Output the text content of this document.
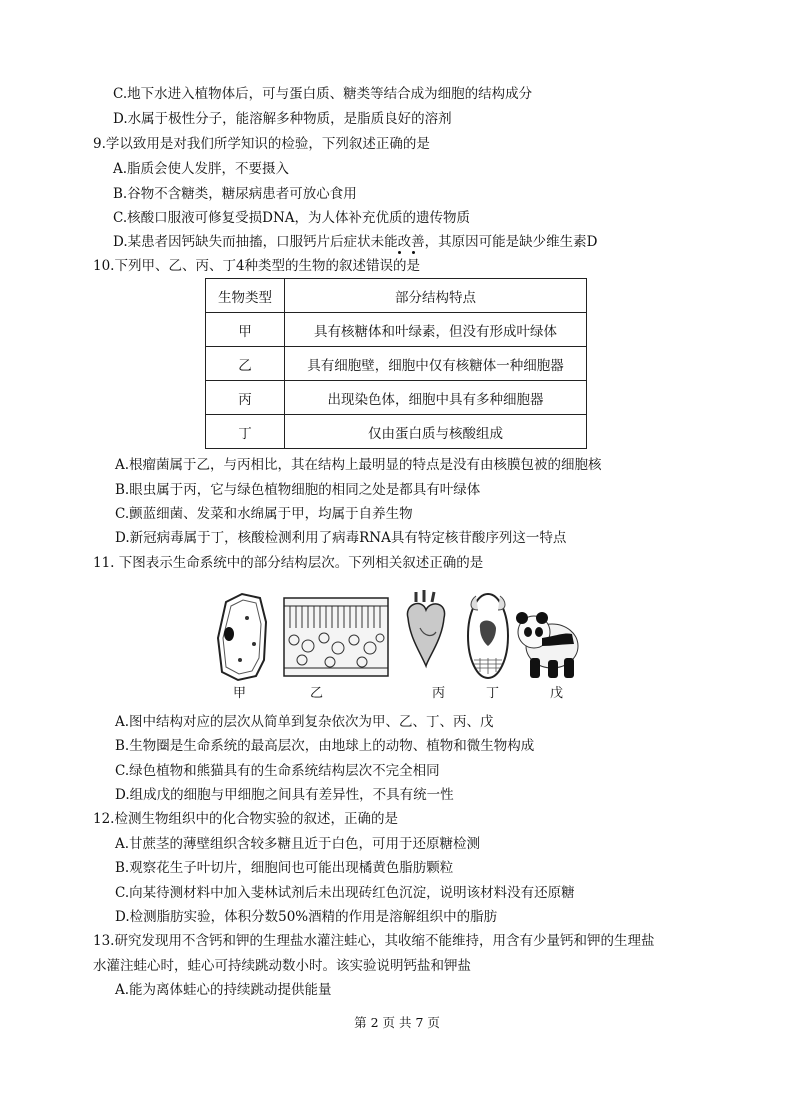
C.地下水进入植物体后，可与蛋白质、糖类等结合成为细胞的结构成分
D.水属于极性分子，能溶解多种物质，是脂质良好的溶剂
9.学以致用是对我们所学知识的检验，下列叙述正确的是
A.脂质会使人发胖，不要摄入
B.谷物不含糖类，糖尿病患者可放心食用
C.核酸口服液可修复受损DNA，为人体补充优质的遗传物质
D.某患者因钙缺失而抽搐，口服钙片后症状未能改善，其原因可能是缺少维生素D
10.下列甲、乙、丙、丁4种类型的生物的叙述错误的是
生物类型	部分结构特点
甲	具有核糖体和叶绿素，但没有形成叶绿体
乙	具有细胞壁，细胞中仅有核糖体一种细胞器
丙	出现染色体，细胞中具有多种细胞器
丁	仅由蛋白质与核酸组成
A.根瘤菌属于乙，与丙相比，其在结构上最明显的特点是没有由核膜包被的细胞核
B.眼虫属于丙，它与绿色植物细胞的相同之处是都具有叶绿体
C.颤蓝细菌、发菜和水绵属于甲，均属于自养生物
D.新冠病毒属于丁，核酸检测利用了病毒RNA具有特定核苷酸序列这一特点
11. 下图表示生命系统中的部分结构层次。下列相关叙述正确的是
甲	乙	丙	丁	戊
A.图中结构对应的层次从简单到复杂依次为甲、乙、丁、丙、戊
B.生物圈是生命系统的最高层次，由地球上的动物、植物和微生物构成
C.绿色植物和熊猫具有的生命系统结构层次不完全相同
D.组成戊的细胞与甲细胞之间具有差异性，不具有统一性
12.检测生物组织中的化合物实验的叙述，正确的是
A.甘蔗茎的薄壁组织含较多糖且近于白色，可用于还原糖检测
B.观察花生子叶切片，细胞间也可能出现橘黄色脂肪颗粒
C.向某待测材料中加入斐林试剂后未出现砖红色沉淀，说明该材料没有还原糖
D.检测脂肪实验，体积分数50%酒精的作用是溶解组织中的脂肪
13.研究发现用不含钙和钾的生理盐水灌注蛙心，其收缩不能维持，用含有少量钙和钾的生理盐
水灌注蛙心时，蛙心可持续跳动数小时。该实验说明钙盐和钾盐
A.能为离体蛙心的持续跳动提供能量
第 2 页 共 7 页
